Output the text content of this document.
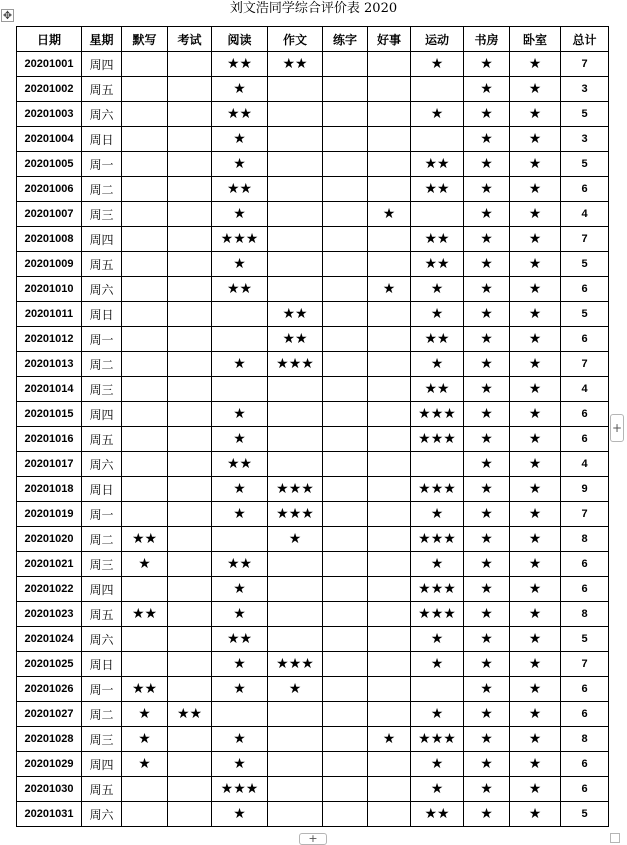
✥	刘文浩同学综合评价表 2020
日期	星期	默写	考试	阅读	作文	练字	好事	运动	书房	卧室	总计
20201001	周四			★★	★★			★	★	★	7
20201002	周五			★					★	★	3
20201003	周六			★★				★	★	★	5
20201004	周日			★					★	★	3
20201005	周一			★				★★	★	★	5
20201006	周二			★★				★★	★	★	6
20201007	周三			★			★		★	★	4
20201008	周四			★★★				★★	★	★	7
20201009	周五			★				★★	★	★	5
20201010	周六			★★			★	★	★	★	6
20201011	周日				★★			★	★	★	5
20201012	周一				★★			★★	★	★	6
20201013	周二			★	★★★			★	★	★	7
20201014	周三							★★	★	★	4
20201015	周四			★				★★★	★	★	6
20201016	周五			★				★★★	★	★	6
20201017	周六			★★					★	★	4
20201018	周日			★	★★★			★★★	★	★	9
20201019	周一			★	★★★			★	★	★	7
20201020	周二	★★			★			★★★	★	★	8
20201021	周三	★		★★				★	★	★	6
20201022	周四			★				★★★	★	★	6
20201023	周五	★★		★				★★★	★	★	8
20201024	周六			★★				★	★	★	5
20201025	周日			★	★★★			★	★	★	7
20201026	周一	★★		★	★				★	★	6
20201027	周二	★	★★					★	★	★	6
20201028	周三	★		★			★	★★★	★	★	8
20201029	周四	★		★				★	★	★	6
20201030	周五			★★★				★	★	★	6
20201031	周六			★				★★	★	★	5
+
+
